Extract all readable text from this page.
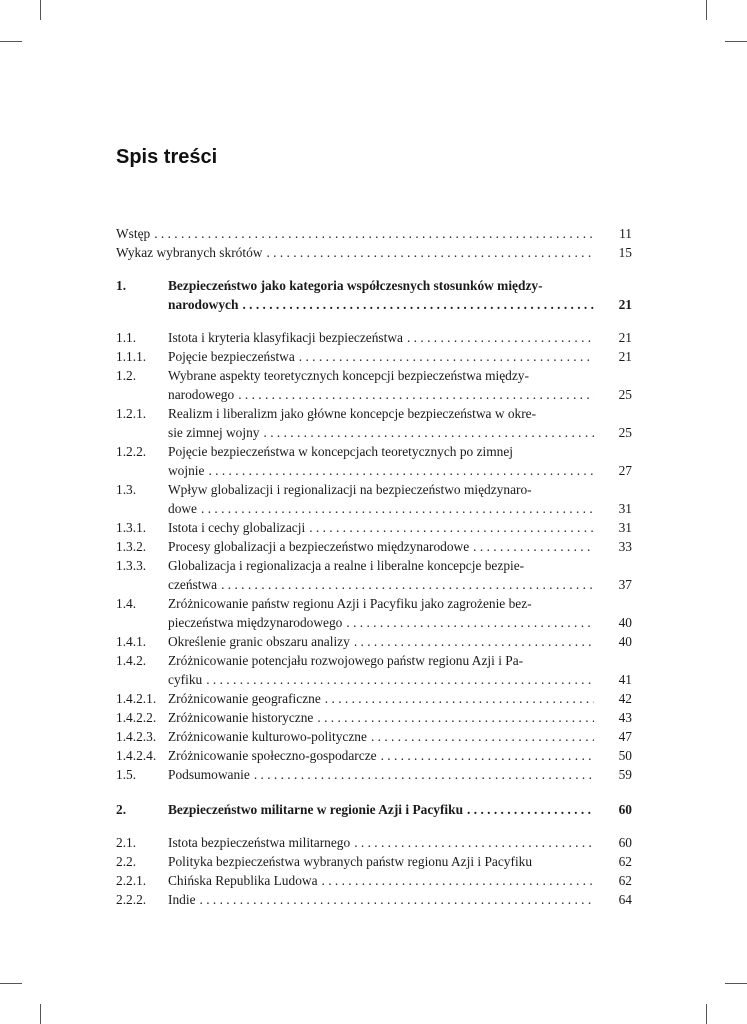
Spis treści
Wstęp . . .	11
Wykaz wybranych skrótów . . .	15
1.	Bezpieczeństwo jako kategoria współczesnych stosunków między-
narodowych . . .	21
1.1.	Istota i kryteria klasyfikacji bezpieczeństwa . . .	21
1.1.1.	Pojęcie bezpieczeństwa . . .	21
1.2.	Wybrane aspekty teoretycznych koncepcji bezpieczeństwa między-
narodowego . . .	25
1.2.1.	Realizm i liberalizm jako główne koncepcje bezpieczeństwa w okre-
sie zimnej wojny . . .	25
1.2.2.	Pojęcie bezpieczeństwa w koncepcjach teoretycznych po zimnej
wojnie . . .	27
1.3.	Wpływ globalizacji i regionalizacji na bezpieczeństwo międzynaro-
dowe . . .	31
1.3.1.	Istota i cechy globalizacji . . .	31
1.3.2.	Procesy globalizacji a bezpieczeństwo międzynarodowe . . .	33
1.3.3.	Globalizacja i regionalizacja a realne i liberalne koncepcje bezpie-
czeństwa . . .	37
1.4.	Zróżnicowanie państw regionu Azji i Pacyfiku jako zagrożenie bez-
pieczeństwa międzynarodowego . . .	40
1.4.1.	Określenie granic obszaru analizy . . .	40
1.4.2.	Zróżnicowanie potencjału rozwojowego państw regionu Azji i Pa-
cyfiku . . .	41
1.4.2.1. Zróżnicowanie geograficzne . . .	42
1.4.2.2. Zróżnicowanie historyczne . . .	43
1.4.2.3. Zróżnicowanie kulturowo-polityczne . . .	47
1.4.2.4. Zróżnicowanie społeczno-gospodarcze . . .	50
1.5.	Podsumowanie . . .	59
2.	Bezpieczeństwo militarne w regionie Azji i Pacyfiku . . .	60
2.1.	Istota bezpieczeństwa militarnego . . .	60
2.2.	Polityka bezpieczeństwa wybranych państw regionu Azji i Pacyfiku	62
2.2.1.	Chińska Republika Ludowa . . .	62
2.2.2.	Indie . . .	64
